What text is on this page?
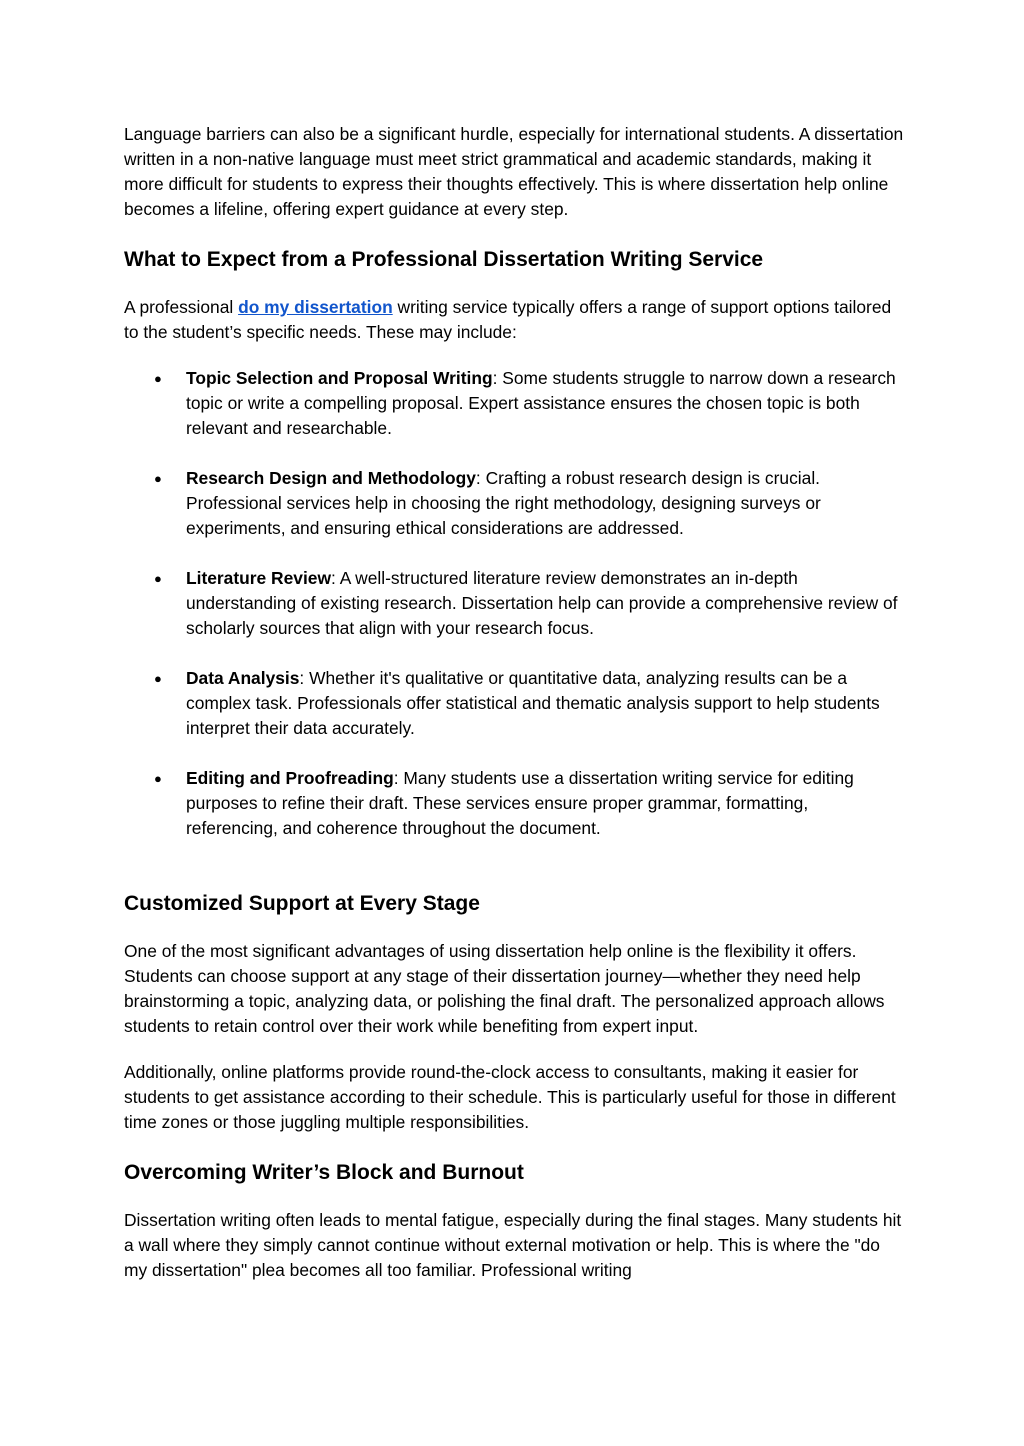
Language barriers can also be a significant hurdle, especially for international students. A dissertation written in a non-native language must meet strict grammatical and academic standards, making it more difficult for students to express their thoughts effectively. This is where dissertation help online becomes a lifeline, offering expert guidance at every step.

What to Expect from a Professional Dissertation Writing Service

A professional do my dissertation writing service typically offers a range of support options tailored to the student’s specific needs. These may include:

● Topic Selection and Proposal Writing: Some students struggle to narrow down a research topic or write a compelling proposal. Expert assistance ensures the chosen topic is both relevant and researchable.
● Research Design and Methodology: Crafting a robust research design is crucial. Professional services help in choosing the right methodology, designing surveys or experiments, and ensuring ethical considerations are addressed.
● Literature Review: A well-structured literature review demonstrates an in-depth understanding of existing research. Dissertation help can provide a comprehensive review of scholarly sources that align with your research focus.
● Data Analysis: Whether it's qualitative or quantitative data, analyzing results can be a complex task. Professionals offer statistical and thematic analysis support to help students interpret their data accurately.
● Editing and Proofreading: Many students use a dissertation writing service for editing purposes to refine their draft. These services ensure proper grammar, formatting, referencing, and coherence throughout the document.
Customized Support at Every Stage

One of the most significant advantages of using dissertation help online is the flexibility it offers. Students can choose support at any stage of their dissertation journey—whether they need help brainstorming a topic, analyzing data, or polishing the final draft. The personalized approach allows students to retain control over their work while benefiting from expert input.

Additionally, online platforms provide round-the-clock access to consultants, making it easier for students to get assistance according to their schedule. This is particularly useful for those in different time zones or those juggling multiple responsibilities.

Overcoming Writer’s Block and Burnout

Dissertation writing often leads to mental fatigue, especially during the final stages. Many students hit a wall where they simply cannot continue without external motivation or help. This is where the "do my dissertation" plea becomes all too familiar. Professional writing
